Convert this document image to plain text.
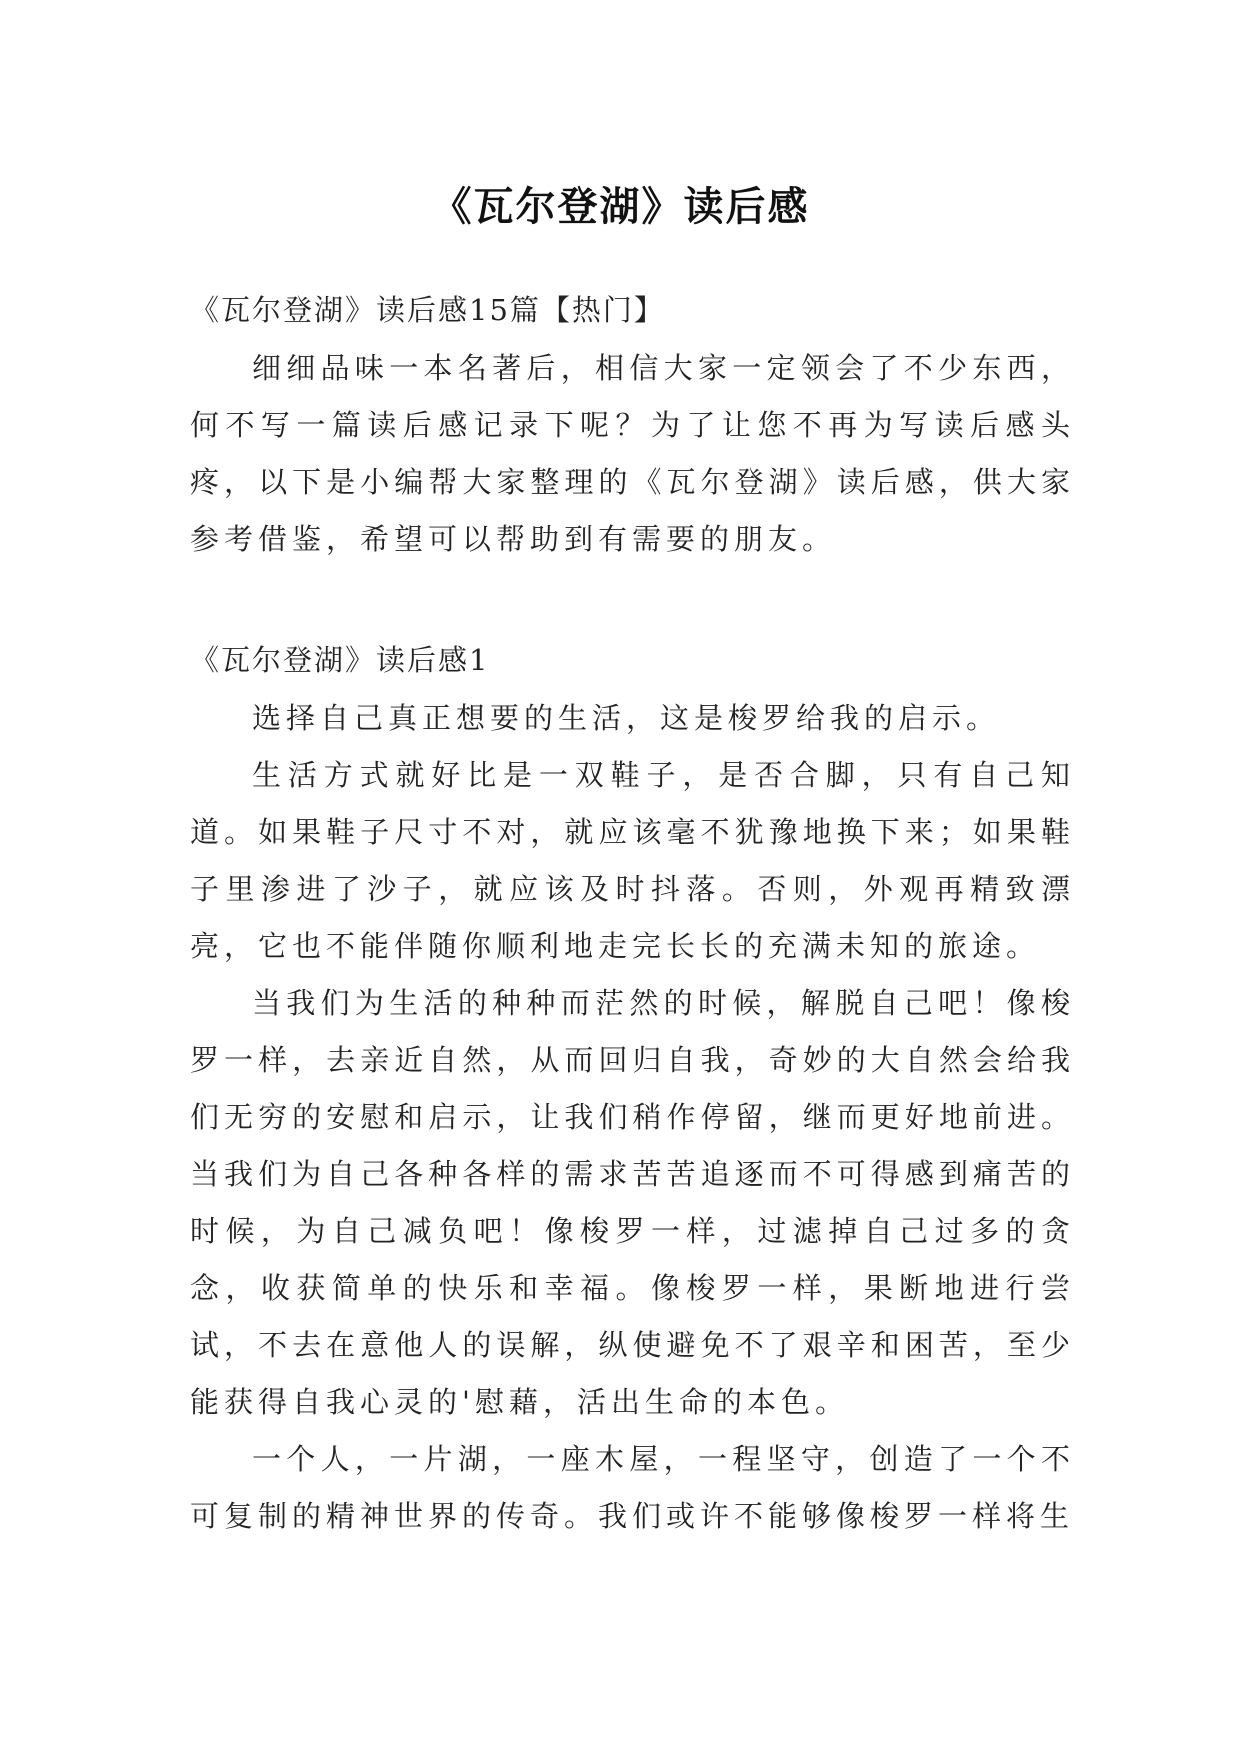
《瓦尔登湖》读后感
《瓦尔登湖》读后感15篇【热门】

细细品味一本名著后，相信大家一定领会了不少东西，何不写一篇读后感记录下呢？为了让您不再为写读后感头疼，以下是小编帮大家整理的《瓦尔登湖》读后感，供大家参考借鉴，希望可以帮助到有需要的朋友。

《瓦尔登湖》读后感1

选择自己真正想要的生活，这是梭罗给我的启示。

生活方式就好比是一双鞋子，是否合脚，只有自己知道。如果鞋子尺寸不对，就应该毫不犹豫地换下来；如果鞋子里渗进了沙子，就应该及时抖落。否则，外观再精致漂亮，它也不能伴随你顺利地走完长长的充满未知的旅途。

当我们为生活的种种而茫然的时候，解脱自己吧！像梭罗一样，去亲近自然，从而回归自我，奇妙的大自然会给我们无穷的安慰和启示，让我们稍作停留，继而更好地前进。当我们为自己各种各样的需求苦苦追逐而不可得感到痛苦的时候，为自己减负吧！像梭罗一样，过滤掉自己过多的贪念，收获简单的快乐和幸福。像梭罗一样，果断地进行尝试，不去在意他人的误解，纵使避免不了艰辛和困苦，至少能获得自我心灵的'慰藉，活出生命的本色。

一个人，一片湖，一座木屋，一程坚守，创造了一个不可复制的精神世界的传奇。我们或许不能够像梭罗一样将生
